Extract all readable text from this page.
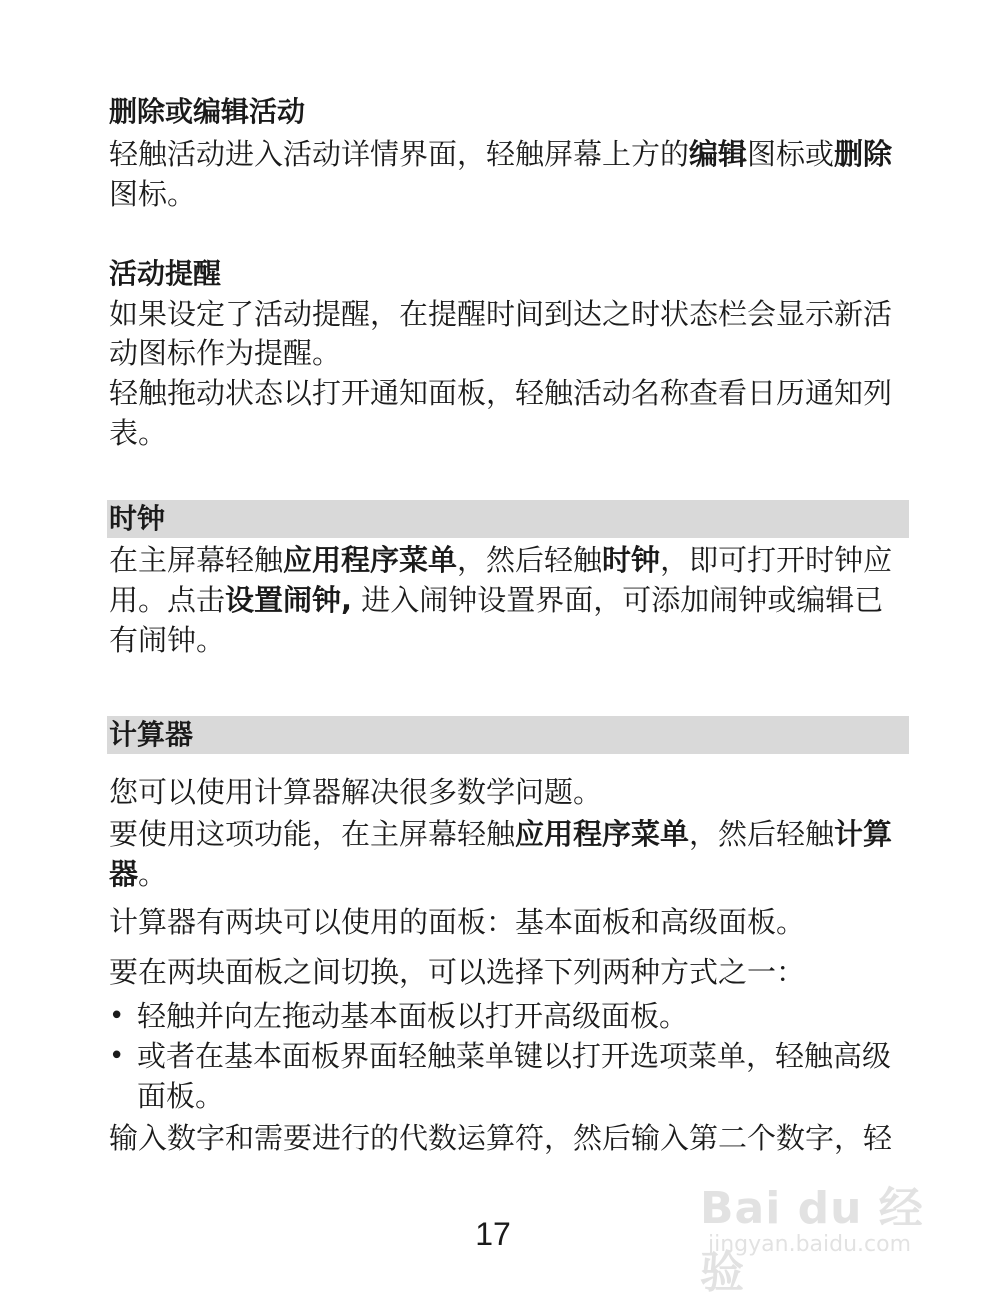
删除或编辑活动
轻触活动进入活动详情界面，轻触屏幕上方的编辑图标或删除
图标。
活动提醒
如果设定了活动提醒，在提醒时间到达之时状态栏会显示新活
动图标作为提醒。
轻触拖动状态以打开通知面板，轻触活动名称查看日历通知列
表。
时钟
在主屏幕轻触应用程序菜单，然后轻触时钟，即可打开时钟应
用。点击设置闹钟, 进入闹钟设置界面，可添加闹钟或编辑已
有闹钟。
计算器
您可以使用计算器解决很多数学问题。
要使用这项功能，在主屏幕轻触应用程序菜单，然后轻触计算
器。
计算器有两块可以使用的面板：基本面板和高级面板。
要在两块面板之间切换，可以选择下列两种方式之一：
• 轻触并向左拖动基本面板以打开高级面板。
• 或者在基本面板界面轻触菜单键以打开选项菜单，轻触高级
面板。
输入数字和需要进行的代数运算符，然后输入第二个数字，轻
17	Bai du 经验
jingyan.baidu.com
